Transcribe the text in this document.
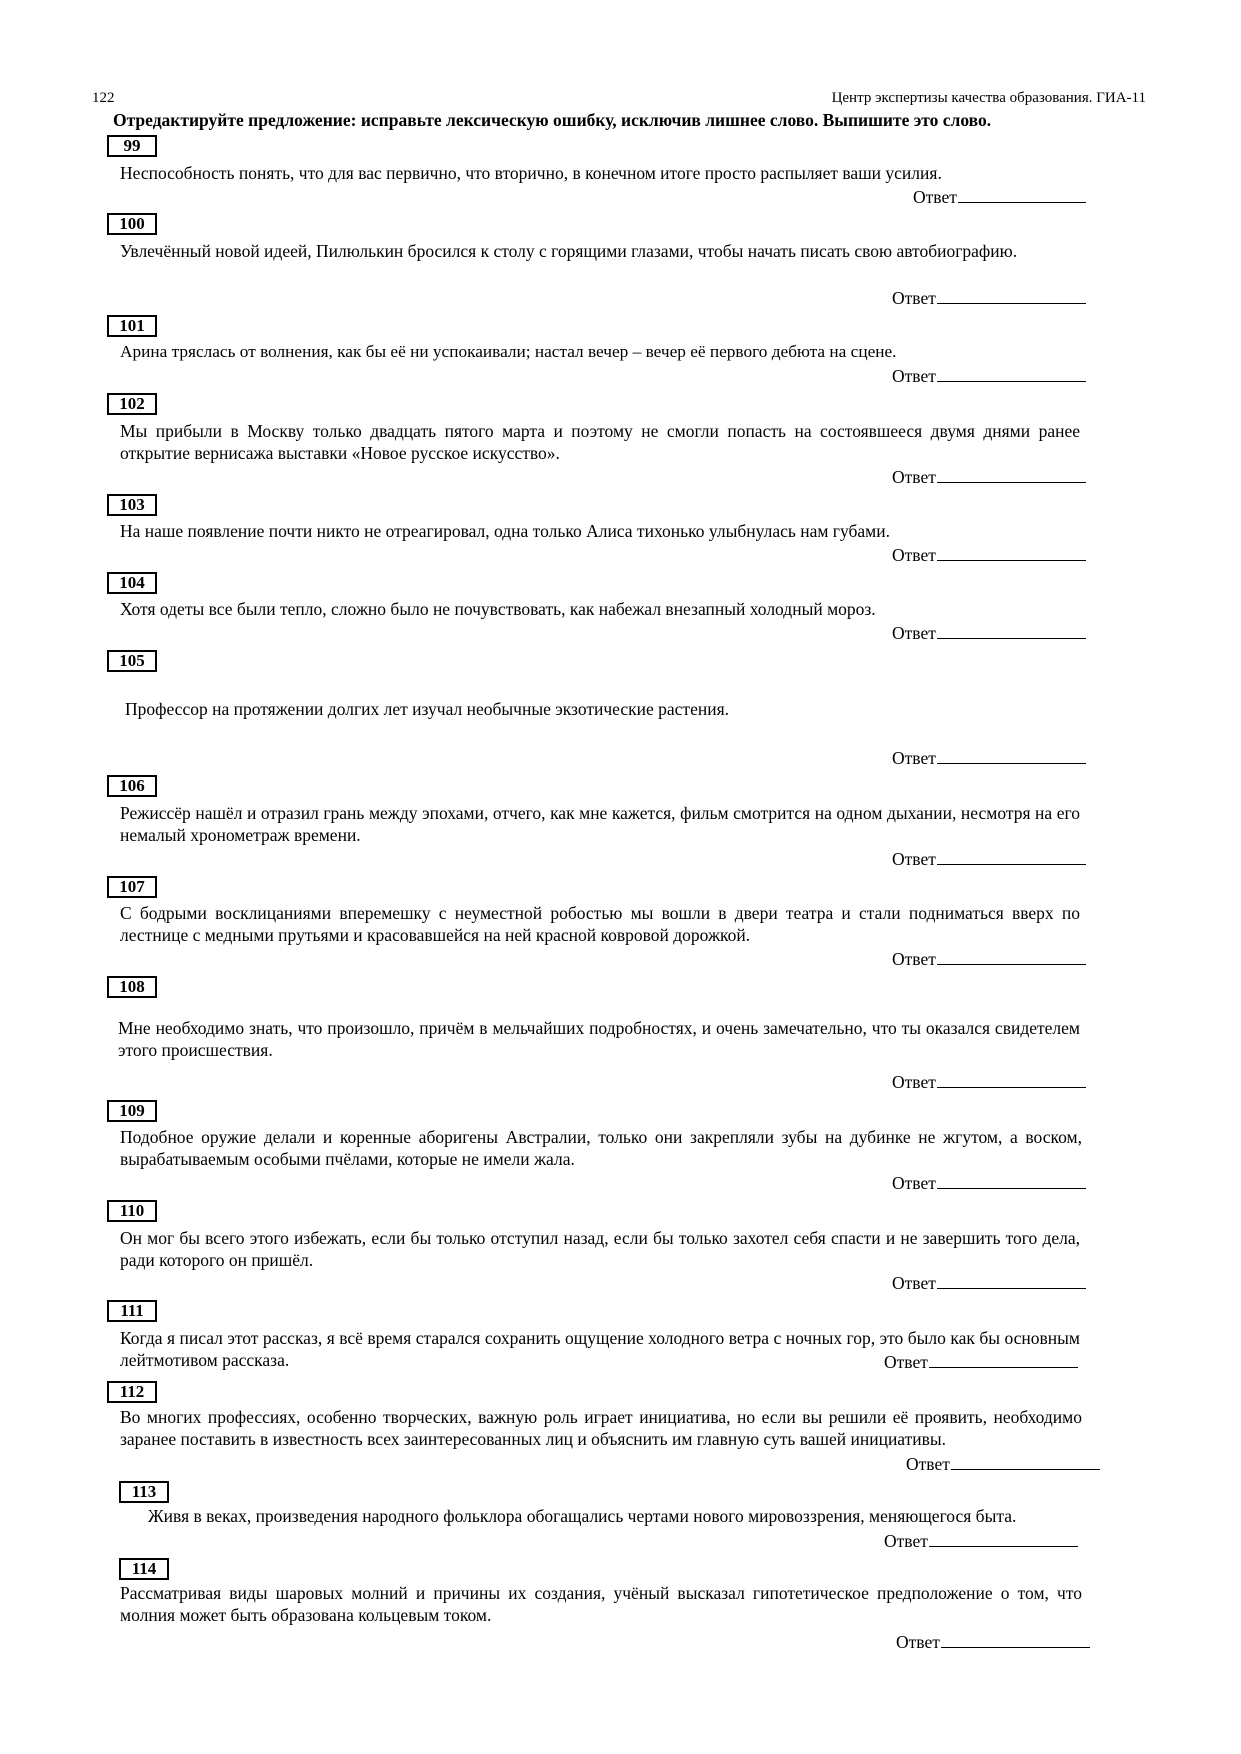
122	Центр экспертизы качества образования. ГИА-11
Отредактируйте предложение: исправьте лексическую ошибку, исключив лишнее слово. Выпишите это слово.
99
Неспособность понять, что для вас первично, что вторично, в конечном итоге просто распыляет ваши усилия.
Ответ
100
Увлечённый новой идеей, Пилюлькин бросился к столу с горящими глазами, чтобы начать писать свою автобиографию.
Ответ
101
Арина тряслась от волнения, как бы её ни успокаивали; настал вечер – вечер её первого дебюта на сцене.
Ответ
102
Мы прибыли в Москву только двадцать пятого марта и поэтому не смогли попасть на состоявшееся двумя днями ранее открытие вернисажа выставки «Новое русское искусство».
Ответ
103
На наше появление почти никто не отреагировал, одна только Алиса тихонько улыбнулась нам губами.
Ответ
104
Хотя одеты все были тепло, сложно было не почувствовать, как набежал внезапный холодный мороз.
Ответ
105
Профессор на протяжении долгих лет изучал необычные экзотические растения.
Ответ
106
Режиссёр нашёл и отразил грань между эпохами, отчего, как мне кажется, фильм смотрится на одном дыхании, несмотря на его немалый хронометраж времени.
Ответ
107
С бодрыми восклицаниями вперемешку с неуместной робостью мы вошли в двери театра и стали подниматься вверх по лестнице с медными прутьями и красовавшейся на ней красной ковровой дорожкой.
Ответ
108
Мне необходимо знать, что произошло, причём в мельчайших подробностях, и очень замечательно, что ты оказался свидетелем этого происшествия.
Ответ
109
Подобное оружие делали и коренные аборигены Австралии, только они закрепляли зубы на дубинке не жгутом, а воском, вырабатываемым особыми пчёлами, которые не имели жала.
Ответ
110
Он мог бы всего этого избежать, если бы только отступил назад, если бы только захотел себя спасти и не завершить того дела, ради которого он пришёл.
Ответ
111
Когда я писал этот рассказ, я всё время старался сохранить ощущение холодного ветра с ночных гор, это было как бы основным лейтмотивом рассказа.	Ответ
112
Во многих профессиях, особенно творческих, важную роль играет инициатива, но если вы решили её проявить, необходимо заранее поставить в известность всех заинтересованных лиц и объяснить им главную суть вашей инициативы.
Ответ
113
Живя в веках, произведения народного фольклора обогащались чертами нового мировоззрения, меняющегося быта.
Ответ
114
Рассматривая виды шаровых молний и причины их создания, учёный высказал гипотетическое предположение о том, что молния может быть образована кольцевым током.
Ответ
